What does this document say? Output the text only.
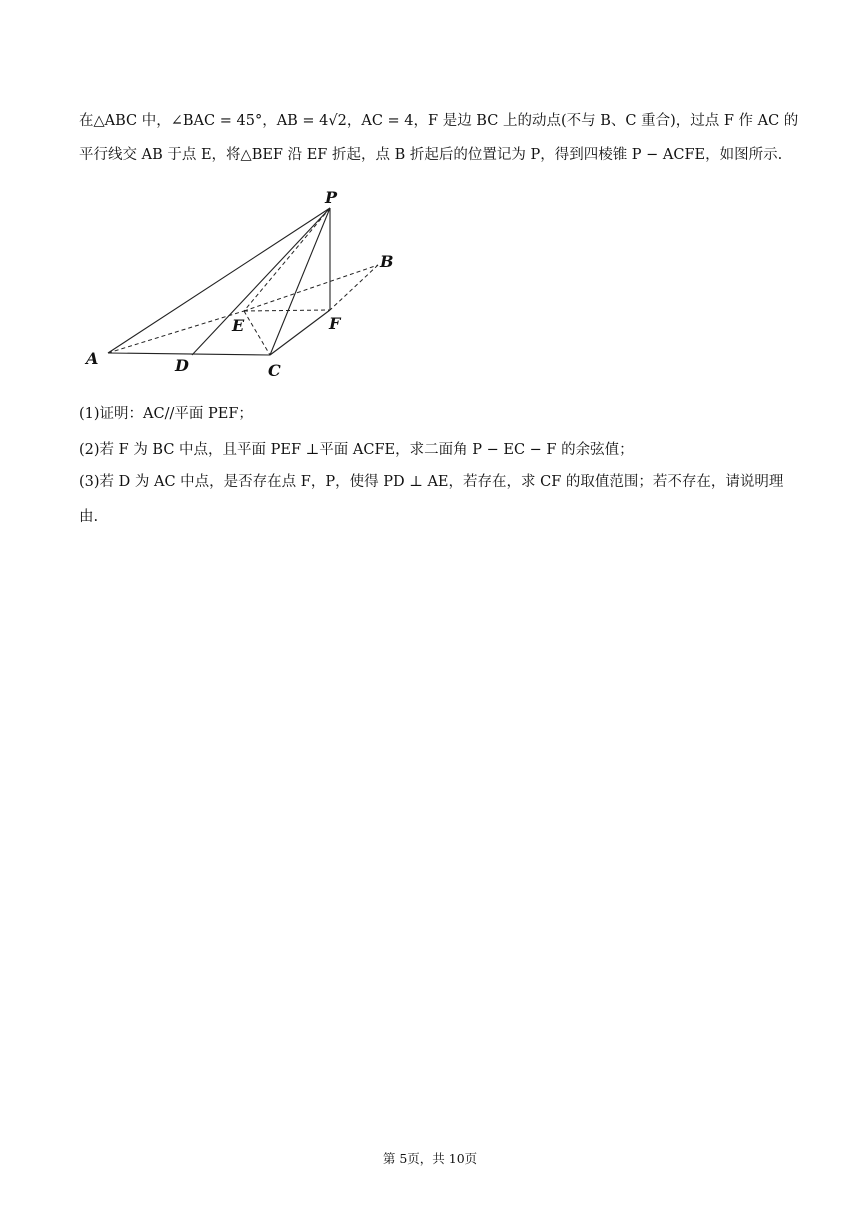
在△ABC 中，∠BAC = 45°，AB = 4√2，AC = 4，F 是边 BC 上的动点(不与 B、C 重合)，过点 F 作 AC 的
平行线交 AB 于点 E，将△BEF 沿 EF 折起，点 B 折起后的位置记为 P，得到四棱锥 P − ACFE，如图所示.
P
B
E	F
A	D	C
(1)证明：AC//平面 PEF；
(2)若 F 为 BC 中点，且平面 PEF ⊥平面 ACFE，求二面角 P − EC − F 的余弦值；
(3)若 D 为 AC 中点，是否存在点 F，P，使得 PD ⊥ AE，若存在，求 CF 的取值范围；若不存在，请说明理
由.
第 5页，共 10页
